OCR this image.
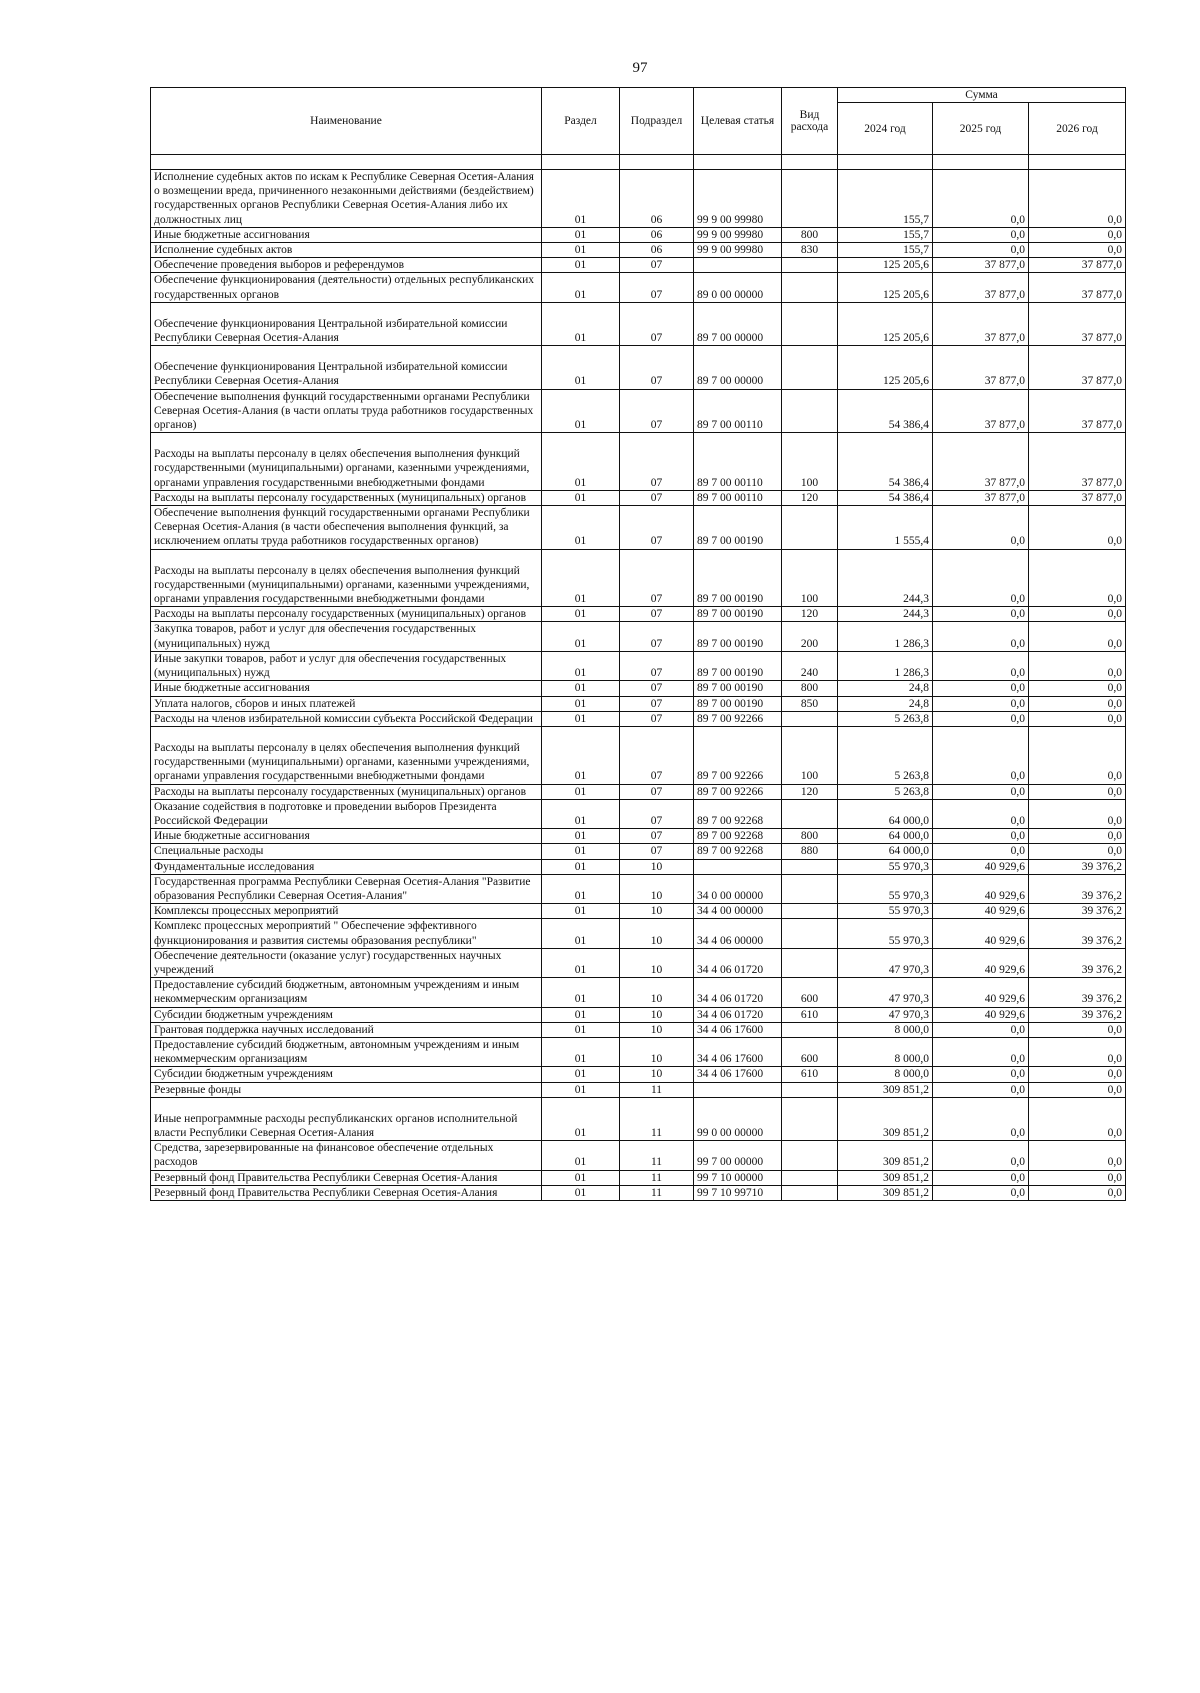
97
Наименование	Раздел	Подраздел	Целевая статья	Вид расхода	Сумма		
					2024 год	2025 год	2026 год

Исполнение судебных актов по искам к Республике Северная Осетия-Алания о возмещении вреда, причиненного незаконными действиями (бездействием) государственных органов Республики Северная Осетия-Алания либо их должностных лиц	01	06	99 9 00 99980		155,7	0,0	0,0
Иные бюджетные ассигнования	01	06	99 9 00 99980	800	155,7	0,0	0,0
Исполнение судебных актов	01	06	99 9 00 99980	830	155,7	0,0	0,0
Обеспечение проведения выборов и референдумов	01	07			125 205,6	37 877,0	37 877,0
Обеспечение функционирования (деятельности) отдельных республиканских государственных органов	01	07	89 0 00 00000		125 205,6	37 877,0	37 877,0
Обеспечение функционирования Центральной избирательной комиссии Республики Северная Осетия-Алания	01	07	89 7 00 00000		125 205,6	37 877,0	37 877,0
Обеспечение функционирования Центральной избирательной комиссии Республики Северная Осетия-Алания	01	07	89 7 00 00000		125 205,6	37 877,0	37 877,0
Обеспечение выполнения функций государственными органами Республики Северная Осетия-Алания (в части оплаты труда работников государственных органов)	01	07	89 7 00 00110		54 386,4	37 877,0	37 877,0
Расходы на выплаты персоналу в целях обеспечения выполнения функций государственными (муниципальными) органами, казенными учреждениями, органами управления государственными внебюджетными фондами	01	07	89 7 00 00110	100	54 386,4	37 877,0	37 877,0
Расходы на выплаты персоналу государственных (муниципальных) органов	01	07	89 7 00 00110	120	54 386,4	37 877,0	37 877,0
Обеспечение выполнения функций государственными органами Республики Северная Осетия-Алания (в части обеспечения выполнения функций, за исключением оплаты труда работников государственных органов)	01	07	89 7 00 00190		1 555,4	0,0	0,0
Расходы на выплаты персоналу в целях обеспечения выполнения функций государственными (муниципальными) органами, казенными учреждениями, органами управления государственными внебюджетными фондами	01	07	89 7 00 00190	100	244,3	0,0	0,0
Расходы на выплаты персоналу государственных (муниципальных) органов	01	07	89 7 00 00190	120	244,3	0,0	0,0
Закупка товаров, работ и услуг для обеспечения государственных (муниципальных) нужд	01	07	89 7 00 00190	200	1 286,3	0,0	0,0
Иные закупки товаров, работ и услуг для обеспечения государственных (муниципальных) нужд	01	07	89 7 00 00190	240	1 286,3	0,0	0,0
Иные бюджетные ассигнования	01	07	89 7 00 00190	800	24,8	0,0	0,0
Уплата налогов, сборов и иных платежей	01	07	89 7 00 00190	850	24,8	0,0	0,0
Расходы на членов избирательной комиссии субъекта Российской Федерации	01	07	89 7 00 92266		5 263,8	0,0	0,0
Расходы на выплаты персоналу в целях обеспечения выполнения функций государственными (муниципальными) органами, казенными учреждениями, органами управления государственными внебюджетными фондами	01	07	89 7 00 92266	100	5 263,8	0,0	0,0
Расходы на выплаты персоналу государственных (муниципальных) органов	01	07	89 7 00 92266	120	5 263,8	0,0	0,0
Оказание содействия в подготовке и проведении выборов Президента Российской Федерации	01	07	89 7 00 92268		64 000,0	0,0	0,0
Иные бюджетные ассигнования	01	07	89 7 00 92268	800	64 000,0	0,0	0,0
Специальные расходы	01	07	89 7 00 92268	880	64 000,0	0,0	0,0
Фундаментальные исследования	01	10			55 970,3	40 929,6	39 376,2
Государственная программа Республики Северная Осетия-Алания "Развитие образования Республики Северная Осетия-Алания"	01	10	34 0 00 00000		55 970,3	40 929,6	39 376,2
Комплексы процессных мероприятий	01	10	34 4 00 00000		55 970,3	40 929,6	39 376,2
Комплекс процессных мероприятий " Обеспечение эффективного функционирования и развития системы образования республики"	01	10	34 4 06 00000		55 970,3	40 929,6	39 376,2
Обеспечение деятельности (оказание услуг) государственных научных учреждений	01	10	34 4 06 01720		47 970,3	40 929,6	39 376,2
Предоставление субсидий бюджетным, автономным учреждениям и иным некоммерческим организациям	01	10	34 4 06 01720	600	47 970,3	40 929,6	39 376,2
Субсидии бюджетным учреждениям	01	10	34 4 06 01720	610	47 970,3	40 929,6	39 376,2
Грантовая поддержка научных исследований	01	10	34 4 06 17600		8 000,0	0,0	0,0
Предоставление субсидий бюджетным, автономным учреждениям и иным некоммерческим организациям	01	10	34 4 06 17600	600	8 000,0	0,0	0,0
Субсидии бюджетным учреждениям	01	10	34 4 06 17600	610	8 000,0	0,0	0,0
Резервные фонды	01	11			309 851,2	0,0	0,0
Иные непрограммные расходы республиканских органов исполнительной власти Республики Северная Осетия-Алания	01	11	99 0 00 00000		309 851,2	0,0	0,0
Средства, зарезервированные на финансовое обеспечение отдельных расходов	01	11	99 7 00 00000		309 851,2	0,0	0,0
Резервный фонд Правительства Республики Северная Осетия-Алания	01	11	99 7 10 00000		309 851,2	0,0	0,0
Резервный фонд Правительства Республики Северная Осетия-Алания	01	11	99 7 10 99710		309 851,2	0,0	0,0
